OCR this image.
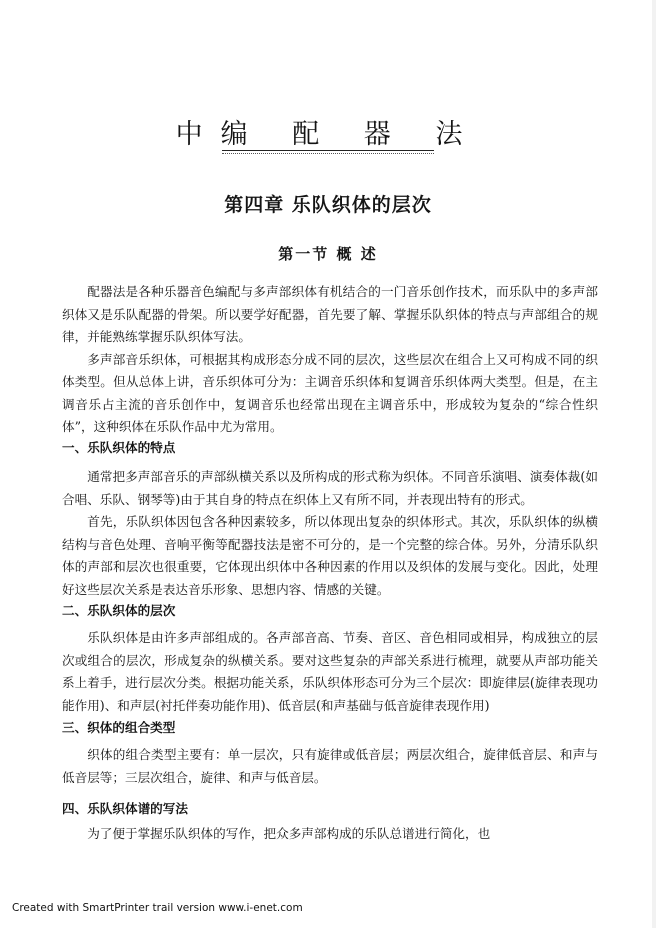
中编 配 器 法
第四章 乐队织体的层次
第一节 概 述

配器法是各种乐器音色编配与多声部织体有机结合的一门音乐创作技术，而乐队中的多声部织体又是乐队配器的骨架。所以要学好配器，首先要了解、掌握乐队织体的特点与声部组合的规律，并能熟练掌握乐队织体写法。

多声部音乐织体，可根据其构成形态分成不同的层次，这些层次在组合上又可构成不同的织体类型。但从总体上讲，音乐织体可分为：主调音乐织体和复调音乐织体两大类型。但是，在主调音乐占主流的音乐创作中，复调音乐也经常出现在主调音乐中，形成较为复杂的“综合性织体”，这种织体在乐队作品中尤为常用。

一、乐队织体的特点

通常把多声部音乐的声部纵横关系以及所构成的形式称为织体。不同音乐演唱、演奏体裁(如合唱、乐队、钢琴等)由于其自身的特点在织体上又有所不同，并表现出特有的形式。

首先，乐队织体因包含各种因素较多，所以体现出复杂的织体形式。其次，乐队织体的纵横结构与音色处理、音响平衡等配器技法是密不可分的，是一个完整的综合体。另外，分清乐队织体的声部和层次也很重要，它体现出织体中各种因素的作用以及织体的发展与变化。因此，处理好这些层次关系是表达音乐形象、思想内容、情感的关键。

二、乐队织体的层次

乐队织体是由许多声部组成的。各声部音高、节奏、音区、音色相同或相异，构成独立的层次或组合的层次，形成复杂的纵横关系。要对这些复杂的声部关系进行梳理，就要从声部功能关系上着手，进行层次分类。根据功能关系，乐队织体形态可分为三个层次：即旋律层(旋律表现功能作用)、和声层(衬托伴奏功能作用)、低音层(和声基础与低音旋律表现作用)

三、织体的组合类型

织体的组合类型主要有：单一层次，只有旋律或低音层；两层次组合，旋律低音层、和声与低音层等；三层次组合，旋律、和声与低音层。

四、乐队织体谱的写法

为了便于掌握乐队织体的写作，把众多声部构成的乐队总谱进行简化，也

Created with SmartPrinter trail version www.i-enet.com
